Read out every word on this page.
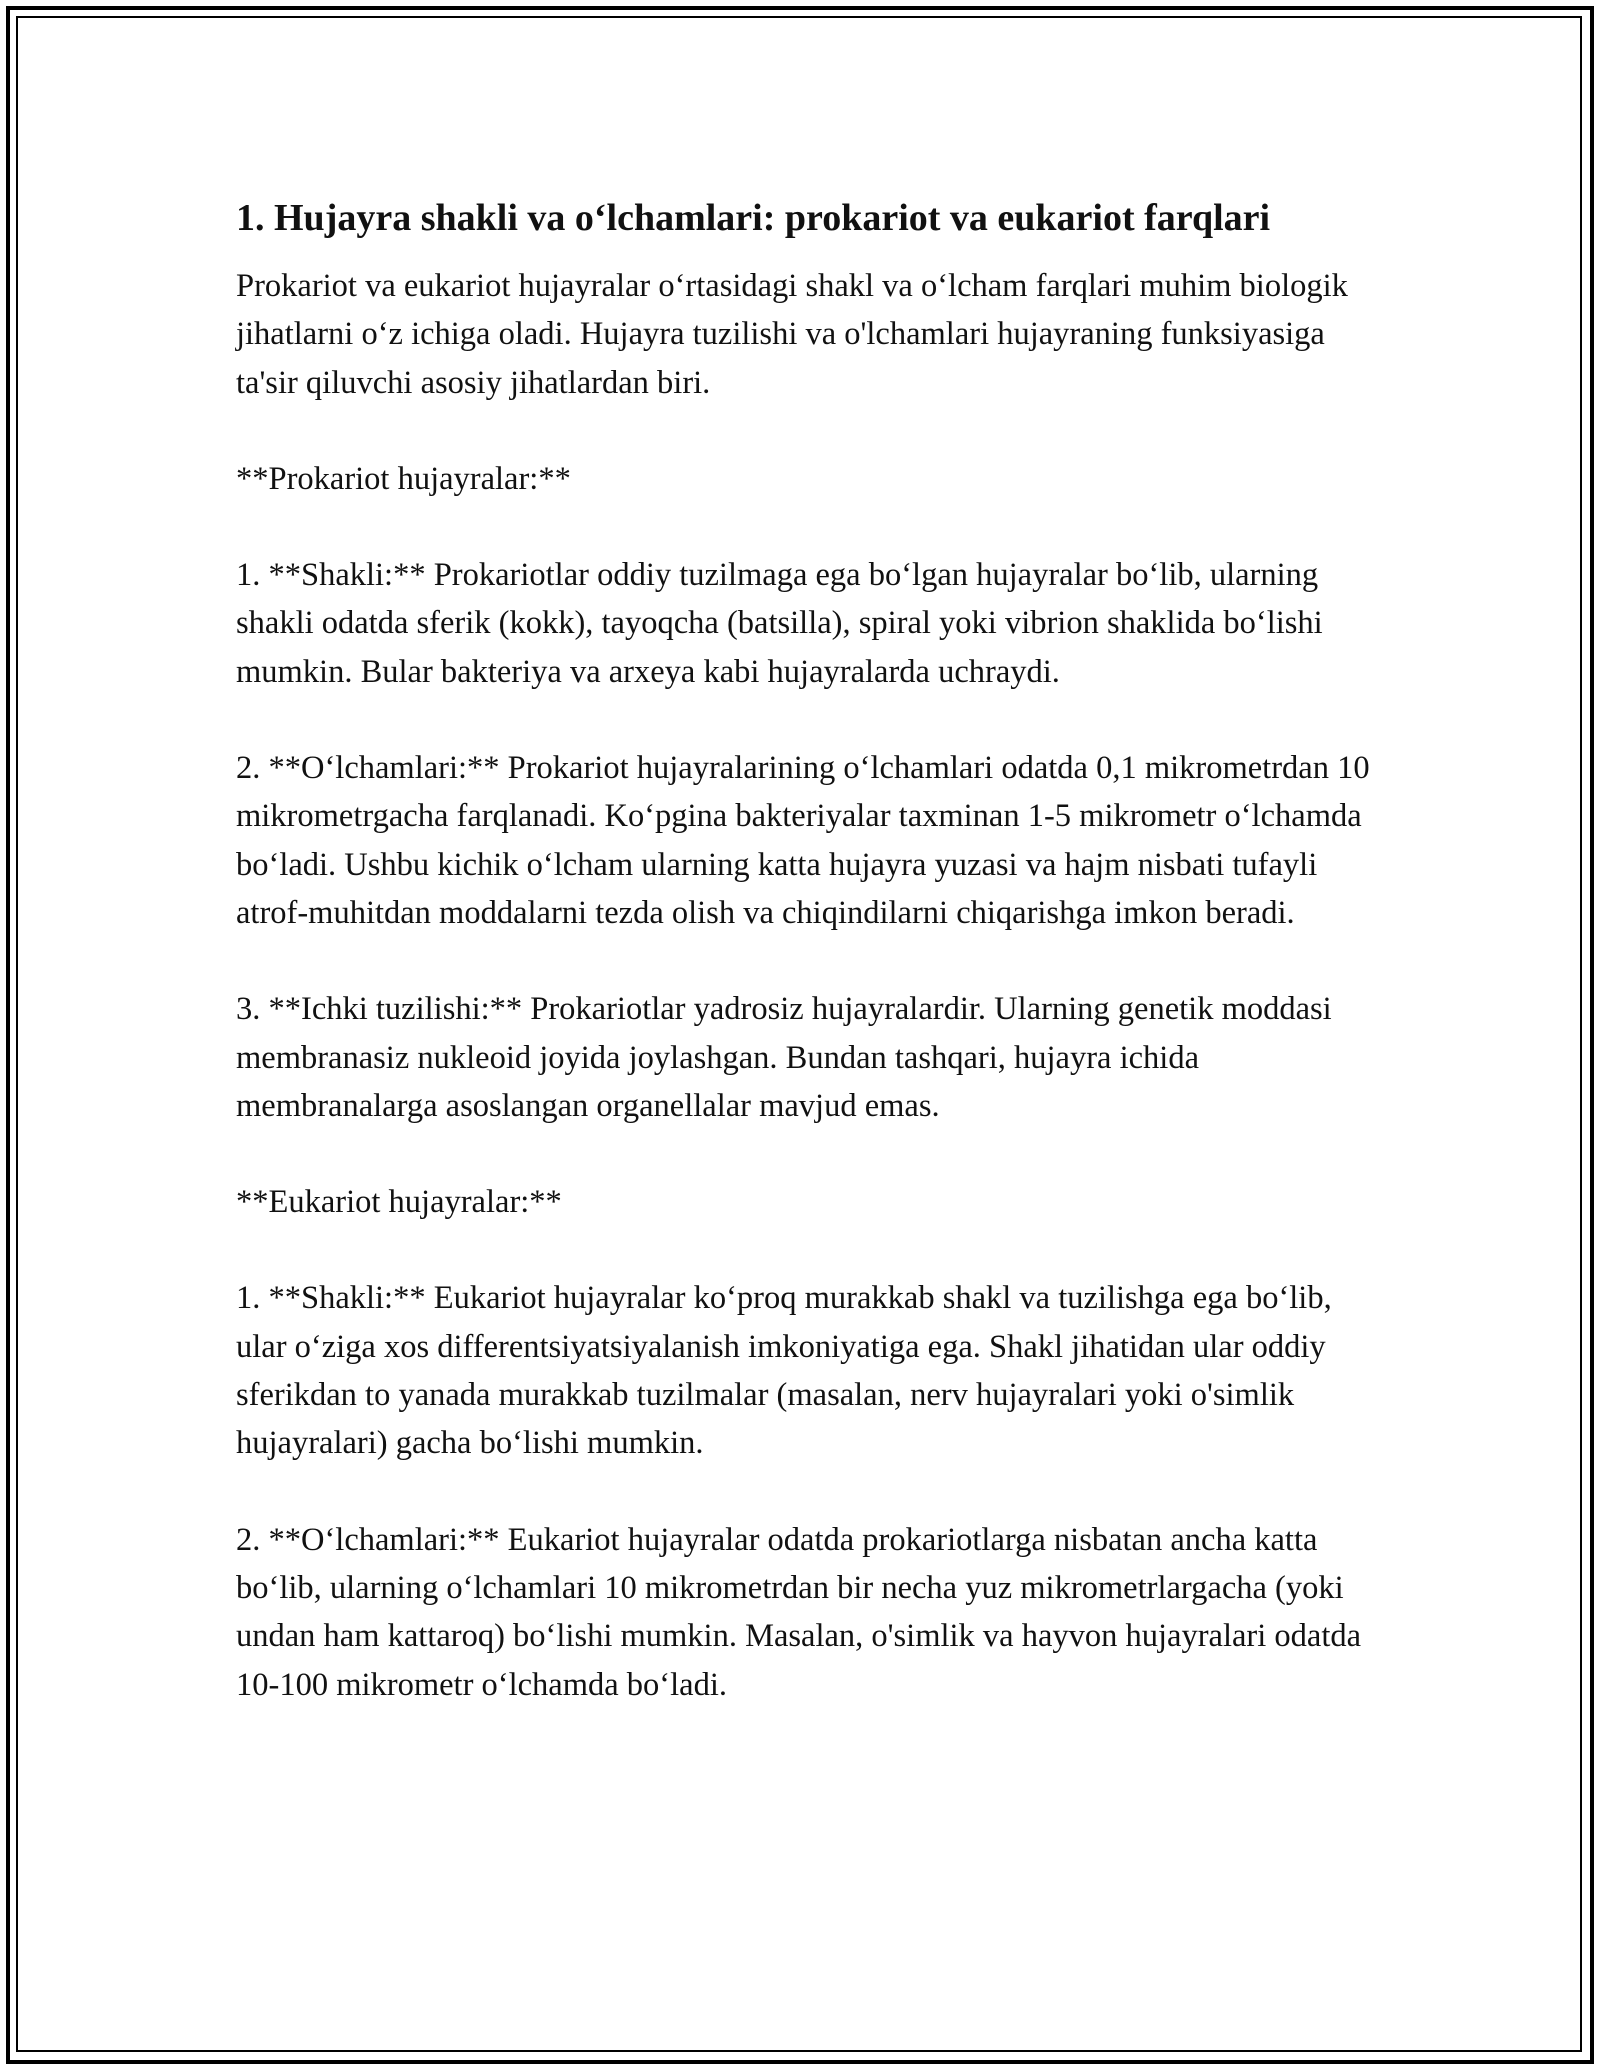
1. Hujayra shakli va o‘lchamlari: prokariot va eukariot farqlari

Prokariot va eukariot hujayralar o‘rtasidagi shakl va o‘lcham farqlari muhim biologik jihatlarni o‘z ichiga oladi. Hujayra tuzilishi va o'lchamlari hujayraning funksiyasiga ta'sir qiluvchi asosiy jihatlardan biri.

**Prokariot hujayralar:**

1. **Shakli:** Prokariotlar oddiy tuzilmaga ega bo‘lgan hujayralar bo‘lib, ularning shakli odatda sferik (kokk), tayoqcha (batsilla), spiral yoki vibrion shaklida bo‘lishi mumkin. Bular bakteriya va arxeya kabi hujayralarda uchraydi.

2. **O‘lchamlari:** Prokariot hujayralarining o‘lchamlari odatda 0,1 mikrometrdan 10 mikrometrgacha farqlanadi. Ko‘pgina bakteriyalar taxminan 1-5 mikrometr o‘lchamda bo‘ladi. Ushbu kichik o‘lcham ularning katta hujayra yuzasi va hajm nisbati tufayli atrof-muhitdan moddalarni tezda olish va chiqindilarni chiqarishga imkon beradi.

3. **Ichki tuzilishi:** Prokariotlar yadrosiz hujayralardir. Ularning genetik moddasi membranasiz nukleoid joyida joylashgan. Bundan tashqari, hujayra ichida membranalarga asoslangan organellalar mavjud emas.

**Eukariot hujayralar:**

1. **Shakli:** Eukariot hujayralar ko‘proq murakkab shakl va tuzilishga ega bo‘lib, ular o‘ziga xos differentsiyatsiyalanish imkoniyatiga ega. Shakl jihatidan ular oddiy sferikdan to yanada murakkab tuzilmalar (masalan, nerv hujayralari yoki o'simlik hujayralari) gacha bo‘lishi mumkin.

2. **O‘lchamlari:** Eukariot hujayralar odatda prokariotlarga nisbatan ancha katta bo‘lib, ularning o‘lchamlari 10 mikrometrdan bir necha yuz mikrometrlargacha (yoki undan ham kattaroq) bo‘lishi mumkin. Masalan, o'simlik va hayvon hujayralari odatda 10-100 mikrometr o‘lchamda bo‘ladi.
